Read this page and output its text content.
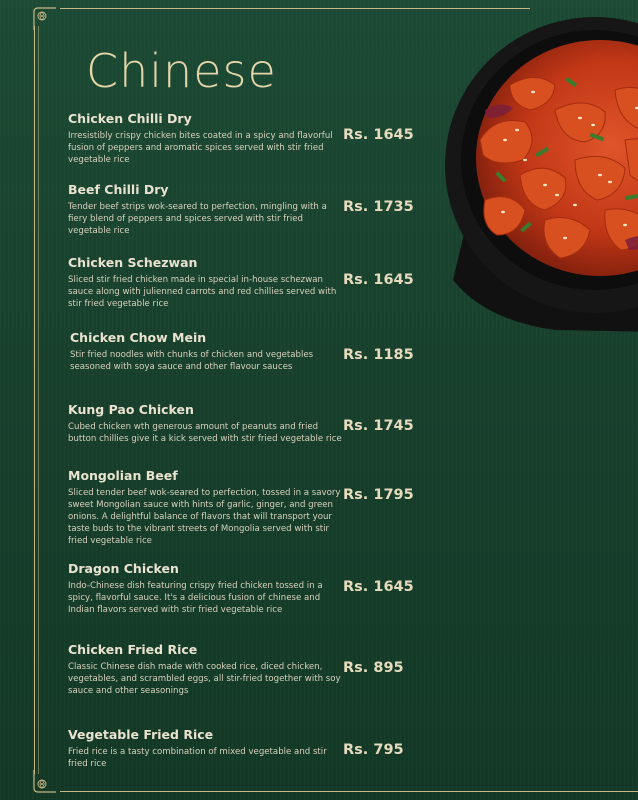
Chinese

Chicken Chilli Dry

Irresistibly crispy chicken bites coated in a spicy and flavorful fusion of peppers and aromatic spices served with stir fried vegetable rice

Rs. 1645

Beef Chilli Dry

Tender beef strips wok-seared to perfection, mingling with a fiery blend of peppers and spices served with stir fried vegetable rice

Rs. 1735

Chicken Schezwan

Sliced stir fried chicken made in special in-house schezwan sauce along with julienned carrots and red chillies served with stir fried vegetable rice

Rs. 1645

Chicken Chow Mein

Stir fried noodles with chunks of chicken and vegetables seasoned with soya sauce and other flavour sauces

Rs. 1185

Kung Pao Chicken

Cubed chicken wth generous amount of peanuts and fried button chillies give it a kick served with stir fried vegetable rice

Rs. 1745

Mongolian Beef

Sliced tender beef wok-seared to perfection, tossed in a savory sweet Mongolian sauce with hints of garlic, ginger, and green onions. A delightful balance of flavors that will transport your taste buds to the vibrant streets of Mongolia served with stir fried vegetable rice

Rs. 1795

Dragon Chicken

Indo-Chinese dish featuring crispy fried chicken tossed in a spicy, flavorful sauce. It's a delicious fusion of chinese and Indian flavors served with stir fried vegetable rice

Rs. 1645

Chicken Fried Rice

Classic Chinese dish made with cooked rice, diced chicken, vegetables, and scrambled eggs, all stir-fried together with soy sauce and other seasonings

Rs. 895

Vegetable Fried Rice

Fried rice is a tasty combination of mixed vegetable and stir fried rice

Rs. 795
